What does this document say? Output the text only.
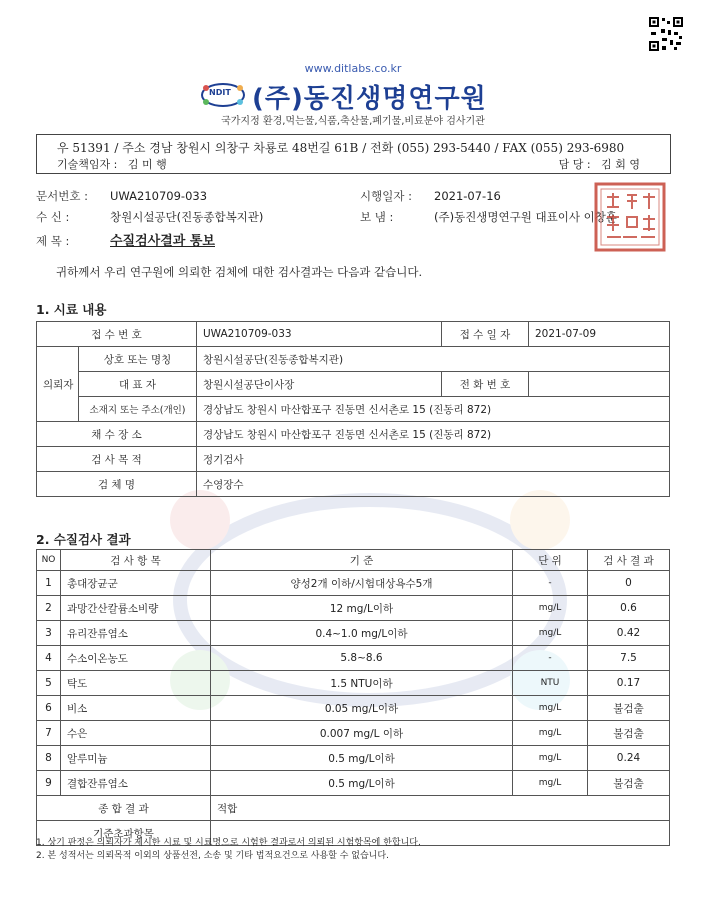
www.ditlabs.co.kr
NDIT (주)동진생명연구원
국가지정 환경,먹는물,식품,축산물,폐기물,비료분야 검사기관
우 51391 / 주소 경남 창원시 의창구 차룡로 48번길 61B / 전화 (055) 293-5440 / FAX (055) 293-6980
기술책임자 : 김 미 행	담 당 : 김 회 영
문서번호 : UWA210709-033	시행일자 : 2021-07-16
수 신 :	창원시설공단(진동종합복지관)	보 냄 :	(주)동진생명연구원 대표이사 이창훈
제 목 :	수질검사결과 통보
귀하께서 우리 연구원에 의뢰한 검체에 대한 검사결과는 다음과 같습니다.
1. 시료 내용
접 수 번 호		UWA210709-033	접 수 일 자	2021-07-09
의뢰자	상호 또는 명칭	창원시설공단(진동종합복지관)		
	대 표 자	창원시설공단이사장	전 화 번 호	
	소재지 또는 주소(개인)	경상남도 창원시 마산합포구 진동면 신서촌로 15 (진동리 872)		
채 수 장 소		경상남도 창원시 마산합포구 진동면 신서촌로 15 (진동리 872)		
검 사 목 적		정기검사		
검 체 명		수영장수		
2. 수질검사 결과
NO	검 사 항 목	기 준	단 위	검 사 결 과
1	총대장균군	양성2개 이하/시험대상욕수5개	-	0
2	과망간산칼륨소비량	12 mg/L이하	mg/L	0.6
3	유리잔류염소	0.4~1.0 mg/L이하	mg/L	0.42
4	수소이온농도	5.8~8.6	-	7.5
5	탁도	1.5 NTU이하	NTU	0.17
6	비소	0.05 mg/L이하	mg/L	불검출
7	수은	0.007 mg/L 이하	mg/L	불검출
8	알루미늄	0.5 mg/L이하	mg/L	0.24
9	결합잔류염소	0.5 mg/L이하	mg/L	불검출
종 합 결 과		적합		
기준초과항목				
1. 상기 판정은 의뢰자가 제시한 시료 및 시료명으로 시험한 결과로서 의뢰된 시험항목에 한합니다.
2. 본 성적서는 의뢰목적 이외의 상품선전, 소송 및 기타 법적요건으로 사용할 수 없습니다.
